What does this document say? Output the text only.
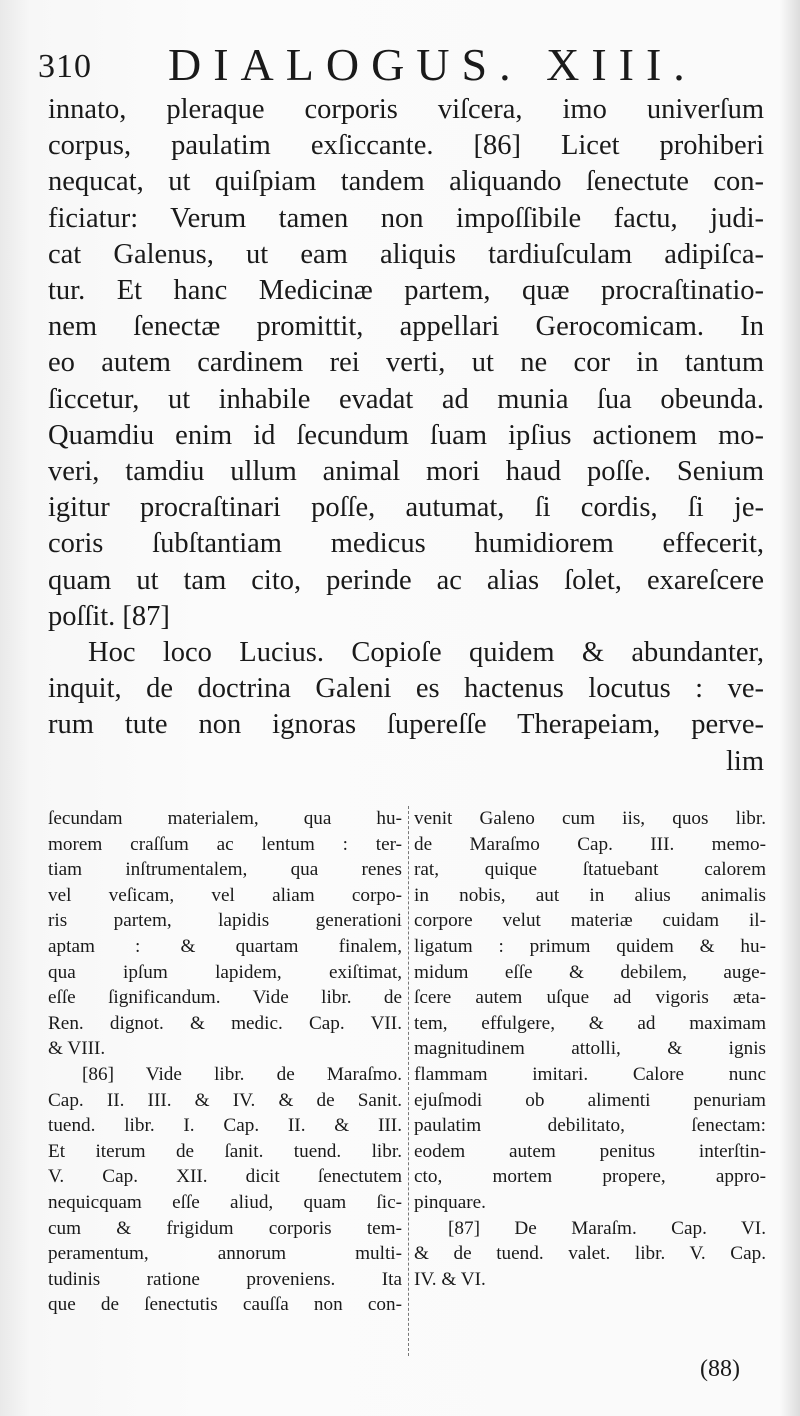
310 DIALOGUS. XIII.
innato, pleraque corporis viſcera, imo univerſum
corpus, paulatim exſiccante. [86] Licet prohiberi
nequcat, ut quiſpiam tandem aliquando ſenectute con-
ficiatur: Verum tamen non impoſſibile factu, judi-
cat Galenus, ut eam aliquis tardiuſculam adipiſca-
tur. Et hanc Medicinæ partem, quæ procraſtinatio-
nem ſenectæ promittit, appellari Gerocomicam. In
eo autem cardinem rei verti, ut ne cor in tantum
ſiccetur, ut inhabile evadat ad munia ſua obeunda.
Quamdiu enim id ſecundum ſuam ipſius actionem mo-
veri, tamdiu ullum animal mori haud poſſe. Senium
igitur procraſtinari poſſe, autumat, ſi cordis, ſi je-
coris ſubſtantiam medicus humidiorem effecerit,
quam ut tam cito, perinde ac alias ſolet, exareſcere
poſſit. [87]
Hoc loco Lucius. Copioſe quidem & abundanter,
inquit, de doctrina Galeni es hactenus locutus : ve-
rum tute non ignoras ſupereſſe Therapeiam, perve-
lim
ſecundam materialem, qua hu-
morem craſſum ac lentum : ter-
tiam inſtrumentalem, qua renes
vel veſicam, vel aliam corpo-
ris partem, lapidis generationi
aptam : & quartam finalem,
qua ipſum lapidem, exiſtimat,
eſſe ſignificandum. Vide libr. de
Ren. dignot. & medic. Cap. VII.
& VIII.
[86] Vide libr. de Maraſmo.
Cap. II. III. & IV. & de Sanit.
tuend. libr. I. Cap. II. & III.
Et iterum de ſanit. tuend. libr.
V. Cap. XII. dicit ſenectutem
nequicquam eſſe aliud, quam ſic-
cum & frigidum corporis tem-
peramentum, annorum multi-
tudinis ratione proveniens. Ita
que de ſenectutis cauſſa non con-
venit Galeno cum iis, quos libr.
de Maraſmo Cap. III. memo-
rat, quique ſtatuebant calorem
in nobis, aut in alius animalis
corpore velut materiæ cuidam il-
ligatum : primum quidem & hu-
midum eſſe & debilem, auge-
ſcere autem uſque ad vigoris æta-
tem, effulgere, & ad maximam
magnitudinem attolli, & ignis
flammam imitari. Calore nunc
ejuſmodi ob alimenti penuriam
paulatim debilitato, ſenectam:
eodem autem penitus interſtin-
cto, mortem propere, appro-
pinquare.
[87] De Maraſm. Cap. VI.
& de tuend. valet. libr. V. Cap.
IV. & VI.
(88)
